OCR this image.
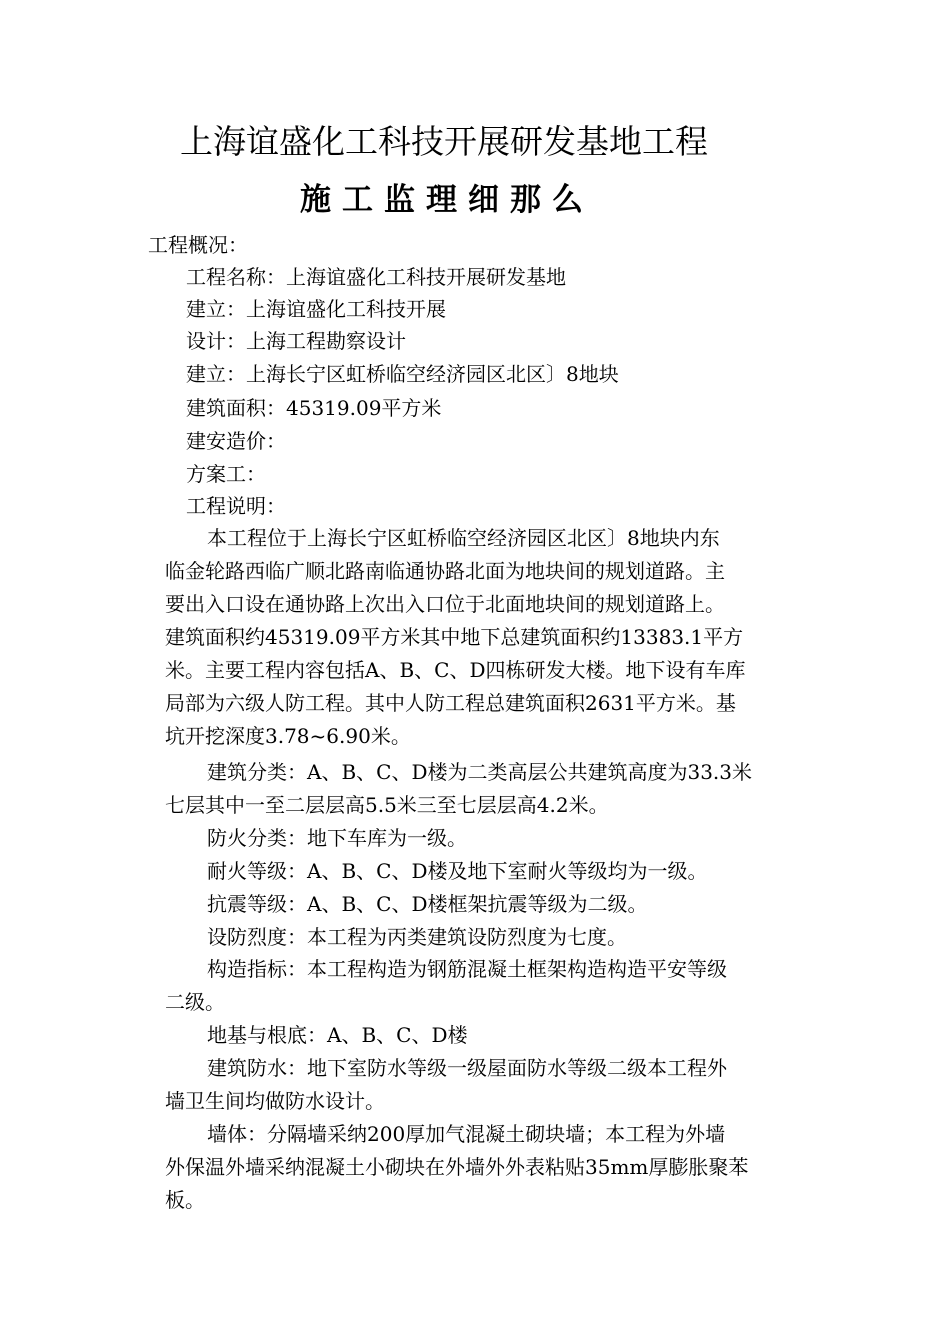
上海谊盛化工科技开展研发基地工程
施工监理细那么
工程概况：
工程名称：上海谊盛化工科技开展研发基地
建立：上海谊盛化工科技开展
设计：上海工程勘察设计
建立：上海长宁区虹桥临空经济园区北区〕8地块
建筑面积：45319.09平方米
建安造价：
方案工：
工程说明：
本工程位于上海长宁区虹桥临空经济园区北区〕8地块内东
临金轮路西临广顺北路南临通协路北面为地块间的规划道路。主
要出入口设在通协路上次出入口位于北面地块间的规划道路上。
建筑面积约45319.09平方米其中地下总建筑面积约13383.1平方
米。主要工程内容包括A、B、C、D四栋研发大楼。地下设有车库
局部为六级人防工程。其中人防工程总建筑面积2631平方米。基
坑开挖深度3.78~6.90米。
建筑分类：A、B、C、D楼为二类高层公共建筑高度为33.3米
七层其中一至二层层高5.5米三至七层层高4.2米。
防火分类：地下车库为一级。
耐火等级：A、B、C、D楼及地下室耐火等级均为一级。
抗震等级：A、B、C、D楼框架抗震等级为二级。
设防烈度：本工程为丙类建筑设防烈度为七度。
构造指标：本工程构造为钢筋混凝土框架构造构造平安等级
二级。
地基与根底：A、B、C、D楼
建筑防水：地下室防水等级一级屋面防水等级二级本工程外
墙卫生间均做防水设计。
墙体：分隔墙采纳200厚加气混凝土砌块墙；本工程为外墙
外保温外墙采纳混凝土小砌块在外墙外外表粘贴35mm厚膨胀聚苯
板。
